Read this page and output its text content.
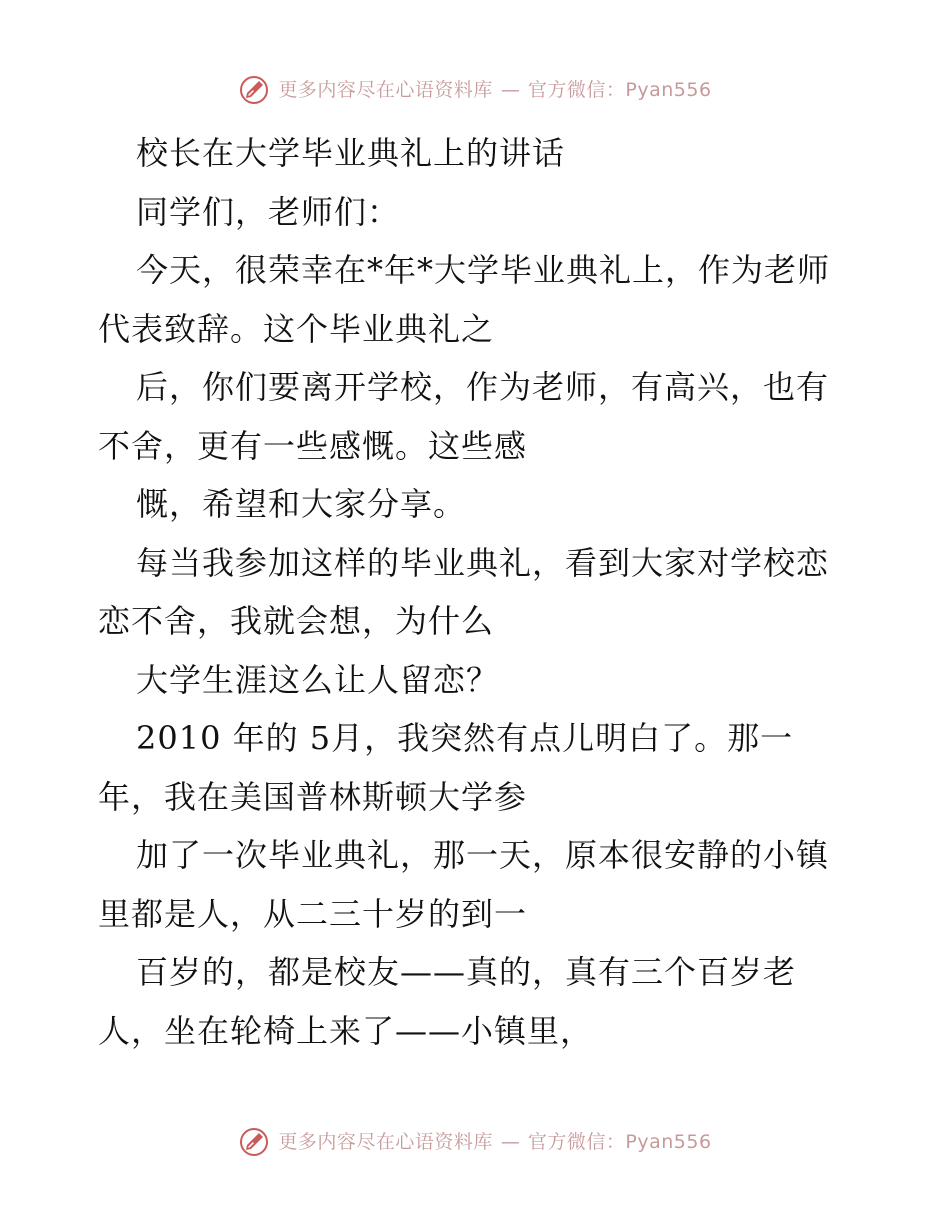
更多内容尽在心语资料库 — 官方微信：Pyan556

校长在大学毕业典礼上的讲话

同学们，老师们：

今天，很荣幸在*年*大学毕业典礼上，作为老师

代表致辞。这个毕业典礼之

后，你们要离开学校，作为老师，有高兴，也有

不舍，更有一些感慨。这些感

慨，希望和大家分享。

每当我参加这样的毕业典礼，看到大家对学校恋

恋不舍，我就会想，为什么

大学生涯这么让人留恋？

2010 年的 5月，我突然有点儿明白了。那一

年，我在美国普林斯顿大学参

加了一次毕业典礼，那一天，原本很安静的小镇

里都是人，从二三十岁的到一

百岁的，都是校友——真的，真有三个百岁老

人，坐在轮椅上来了——小镇里，

更多内容尽在心语资料库 — 官方微信：Pyan556
